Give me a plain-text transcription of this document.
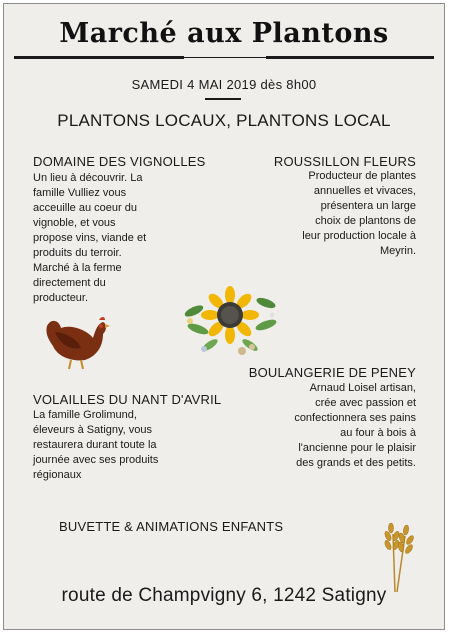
Marché aux Plantons
SAMEDI 4 MAI 2019 dès 8h00
PLANTONS LOCAUX, PLANTONS LOCAL
DOMAINE DES VIGNOLLES
Un lieu à découvrir. La
famille Vulliez vous
acceuille au coeur du
vignoble, et vous
propose vins, viande et
produits du terroir.
Marché à la ferme
directement du
producteur.
ROUSSILLON FLEURS
Producteur de plantes
annuelles et vivaces,
présentera un large
choix de plantons de
leur production locale à
Meyrin.
BOULANGERIE DE PENEY
Arnaud Loisel artisan,
crée avec passion et
confectionnera ses pains
au four à bois à
l'ancienne pour le plaisir
des grands et des petits.
VOLAILLES DU NANT D'AVRIL
La famille Grolimund,
éleveurs à Satigny, vous
restaurera durant toute la
journée avec ses produits
régionaux
BUVETTE & ANIMATIONS ENFANTS
route de Champvigny 6, 1242 Satigny
